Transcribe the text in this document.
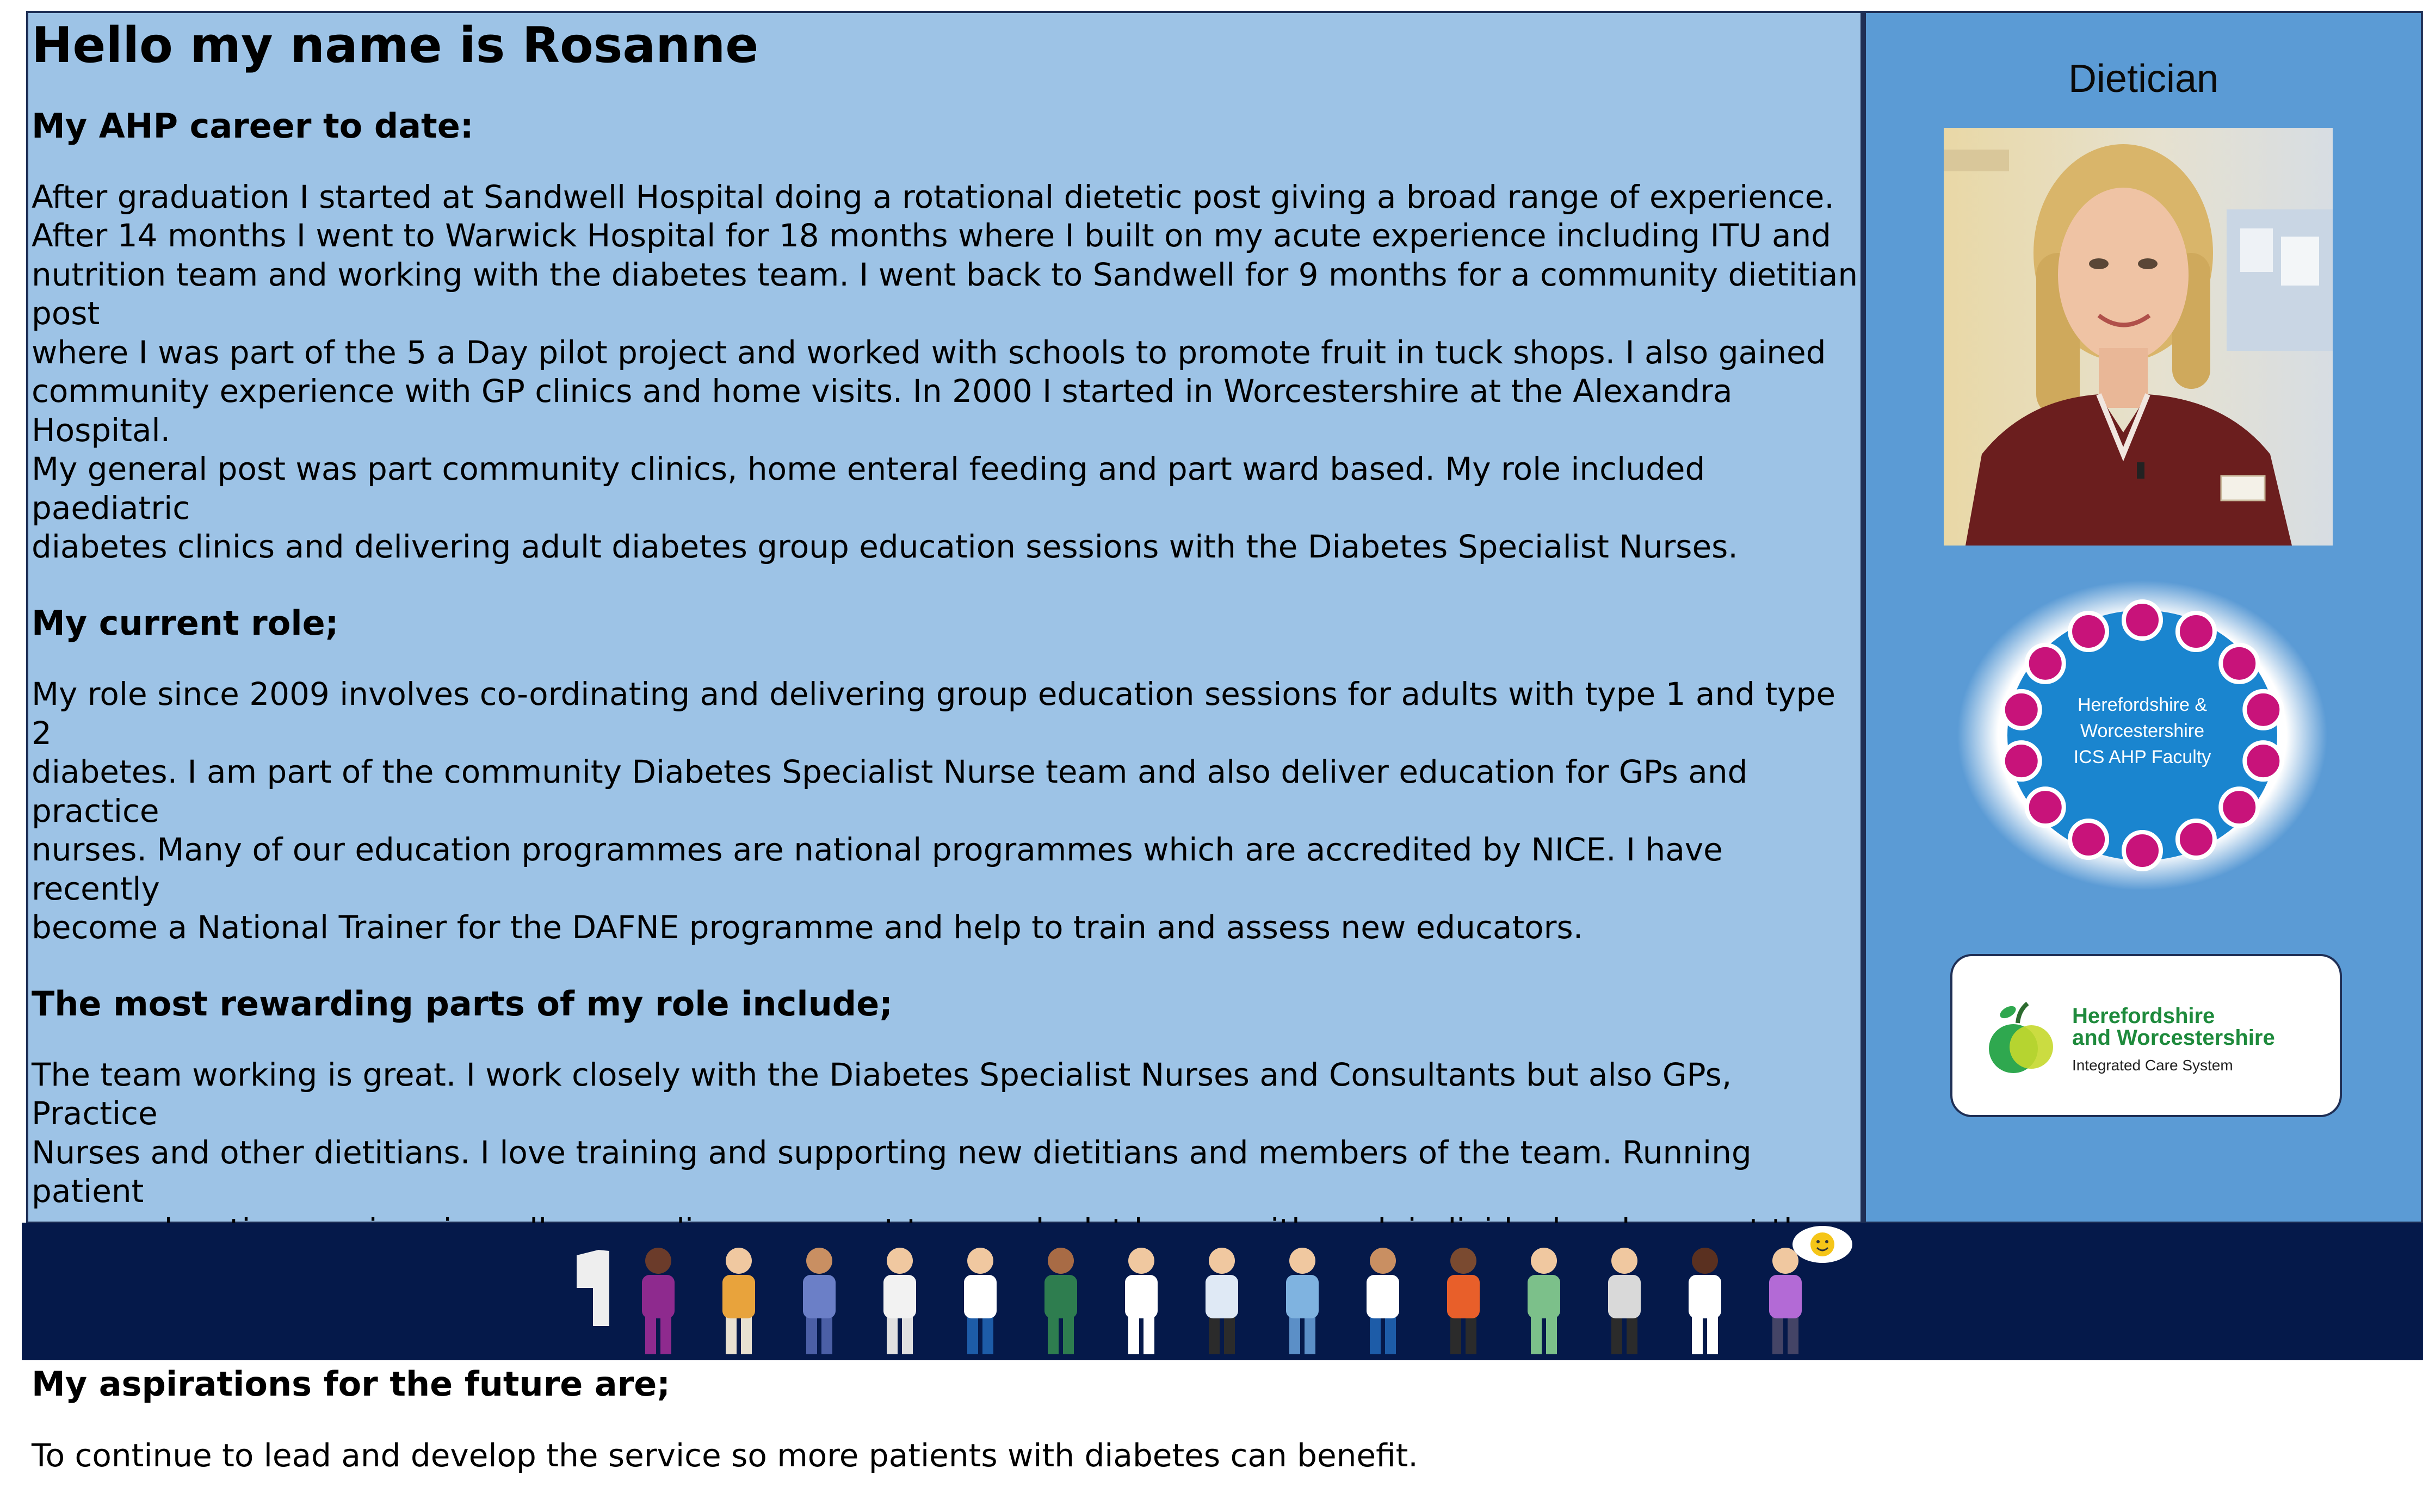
Hello my name is Rosanne
My AHP career to date:
After graduation I started at Sandwell Hospital doing a rotational dietetic post giving a broad range of experience.
After 14 months I went to Warwick Hospital for 18 months where I built on my acute experience including ITU and
nutrition team and working with the diabetes team. I went back to Sandwell for 9 months for a community dietitian post
where I was part of the 5 a Day pilot project and worked with schools to promote fruit in tuck shops. I also gained
community experience with GP clinics and home visits. In 2000 I started in Worcestershire at the Alexandra Hospital.
My general post was part community clinics, home enteral feeding and part ward based. My role included paediatric
diabetes clinics and delivering adult diabetes group education sessions with the Diabetes Specialist Nurses.
My current role;
My role since 2009 involves co-ordinating and delivering group education sessions for adults with type 1 and type 2
diabetes. I am part of the community Diabetes Specialist Nurse team and also deliver education for GPs and practice
nurses. Many of our education programmes are national programmes which are accredited by NICE. I have recently
become a National Trainer for the DAFNE programme and help to train and assess new educators.
The most rewarding parts of my role include;
The team working is great. I work closely with the Diabetes Specialist Nurses and Consultants but also GPs, Practice
Nurses and other dietitians. I love training and supporting new dietitians and members of the team. Running patient

My aspirations for the future are;
To continue to lead and develop the service so more patients with diabetes can benefit.
Dietician
Herefordshire & Worcestershire ICS AHP Faculty
Herefordshire
and Worcestershire
Integrated Care System
